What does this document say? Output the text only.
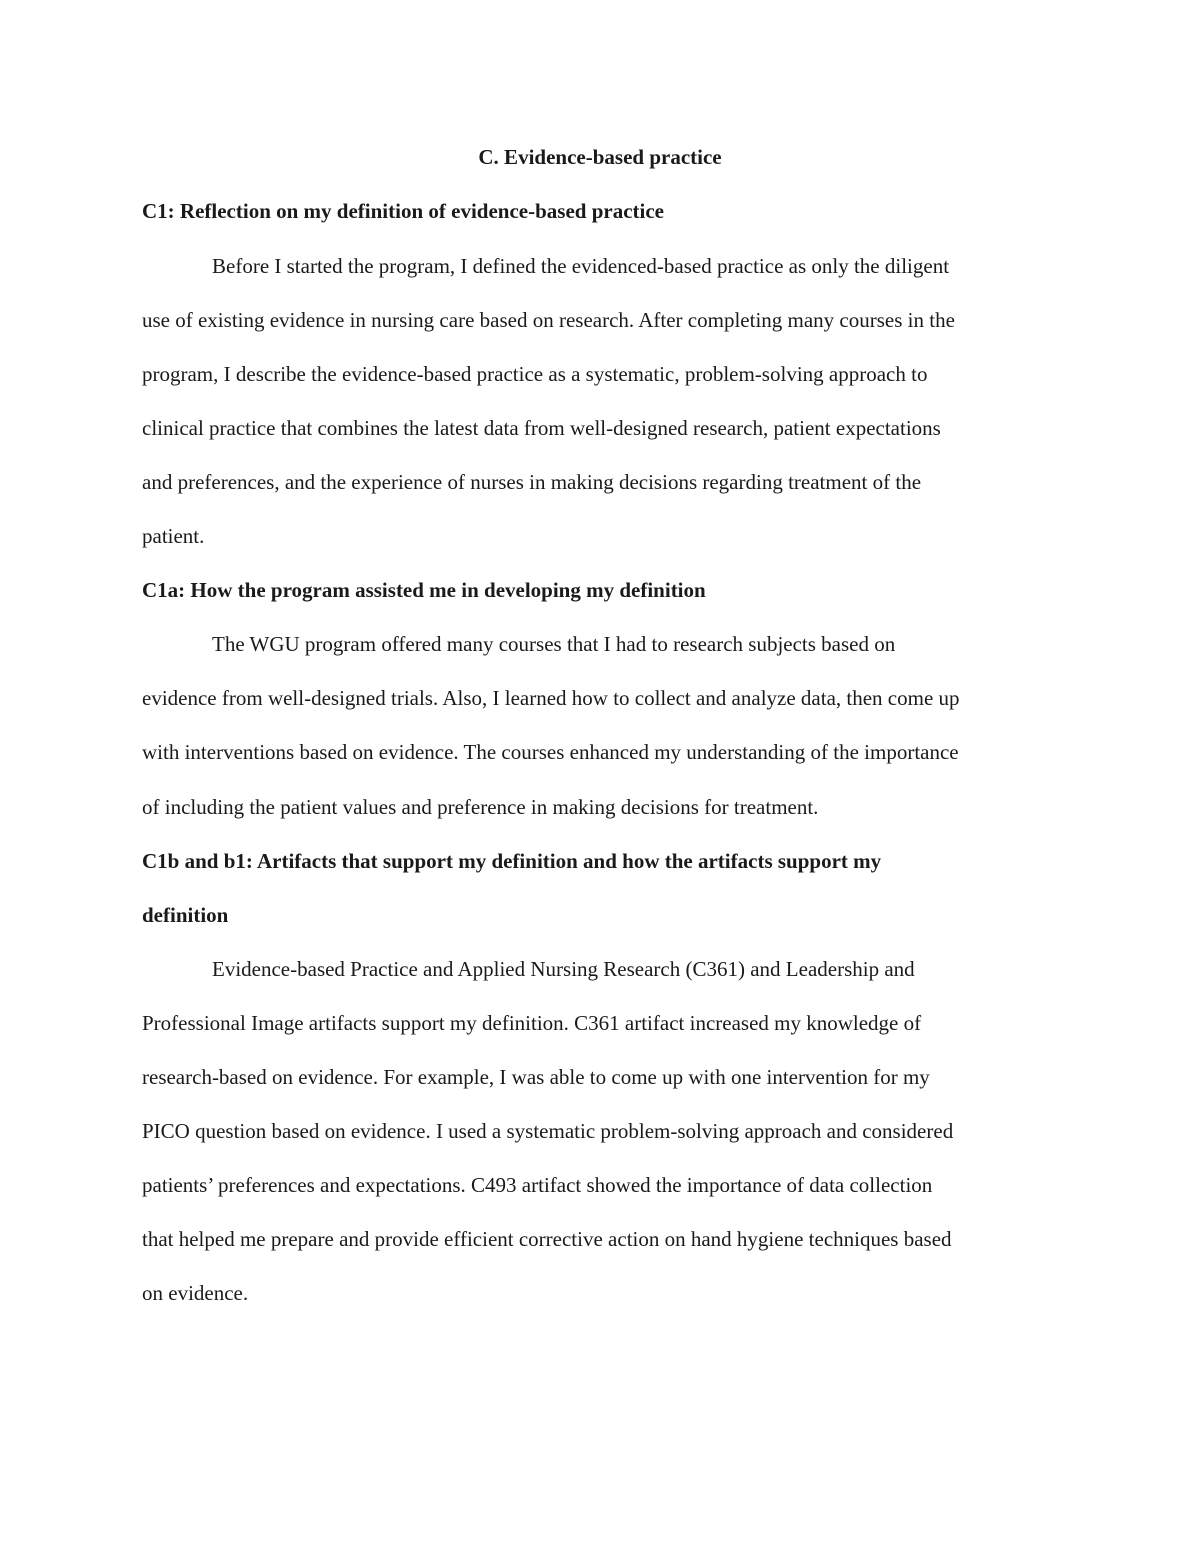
C. Evidence-based practice
C1: Reflection on my definition of evidence-based practice
Before I started the program, I defined the evidenced-based practice as only the diligent
use of existing evidence in nursing care based on research. After completing many courses in the
program, I describe the evidence-based practice as a systematic, problem-solving approach to
clinical practice that combines the latest data from well-designed research, patient expectations
and preferences, and the experience of nurses in making decisions regarding treatment of the
patient.
C1a: How the program assisted me in developing my definition
The WGU program offered many courses that I had to research subjects based on
evidence from well-designed trials. Also, I learned how to collect and analyze data, then come up
with interventions based on evidence. The courses enhanced my understanding of the importance
of including the patient values and preference in making decisions for treatment.
C1b and b1: Artifacts that support my definition and how the artifacts support my
definition
Evidence-based Practice and Applied Nursing Research (C361) and Leadership and
Professional Image artifacts support my definition. C361 artifact increased my knowledge of
research-based on evidence. For example, I was able to come up with one intervention for my
PICO question based on evidence. I used a systematic problem-solving approach and considered
patients’ preferences and expectations. C493 artifact showed the importance of data collection
that helped me prepare and provide efficient corrective action on hand hygiene techniques based
on evidence.
